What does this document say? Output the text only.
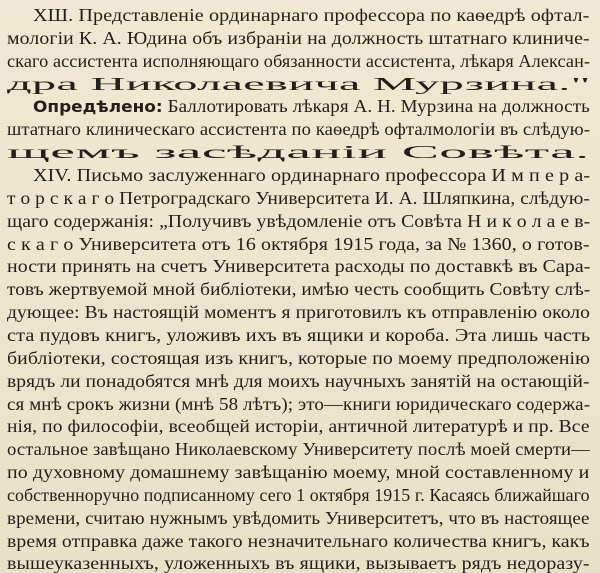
ХШ. Представленіе ординарнаго профессора по каѳедрѣ офтал-
мологіи К. А. Юдина объ избраніи на должность штатнаго клиниче-
скаго ассистента исполняющаго обязанности ассистента, лѣкаря Алексан-
дра Николаевича Мурзина."
Опредѣлено: Баллотировать лѣкаря А. Н. Мурзина на должность
штатнаго клиническаго ассистента по каѳедрѣ офталмологіи въ слѣдую-
щемъ засѣданіи Совѣта.
XIV. Письмо заслуженнаго ординарнаго профессора И м п е р а-
т о р с к а г о Петроградскаго Университета И. А. Шляпкина, слѣдую-
щаго содержанія: „Получивъ увѣдомленіе отъ Совѣта Н и к о л а е в-
с к а г о Университета отъ 16 октября 1915 года, за № 1360, о готов-
ности принять на счетъ Университета расходы по доставкѣ въ Сара-
товъ жертвуемой мной библіотеки, имѣю честь сообщить Совѣту слѣ-
дующее: Въ настоящій моментъ я приготовилъ къ отправленію около
ста пудовъ книгъ, уложивъ ихъ въ ящики и короба. Эта лишь часть
библіотеки, состоящая изъ книгъ, которые по моему предположенію
врядъ ли понадобятся мнѣ для моихъ научныхъ занятій на остающій-
ся мнѣ срокъ жизни (мнѣ 58 лѣтъ); это—книги юридическаго содержа-
нія, по философіи, всеобщей исторіи, античной литературѣ и пр. Все
остальное завѣщано Николаевскому Университету послѣ моей смерти—
по духовному домашнему завѣщанію моему, мной составленному и
собственноручно подписанному сего 1 октября 1915 г. Касаясь ближайшаго
времени, считаю нужнымъ увѣдомить Университетъ, что въ настоящее
время отправка даже такого незначительнаго количества книгъ, какъ
вышеуказенныхъ, уложенныхъ въ ящики, вызываетъ рядъ недоразу-
